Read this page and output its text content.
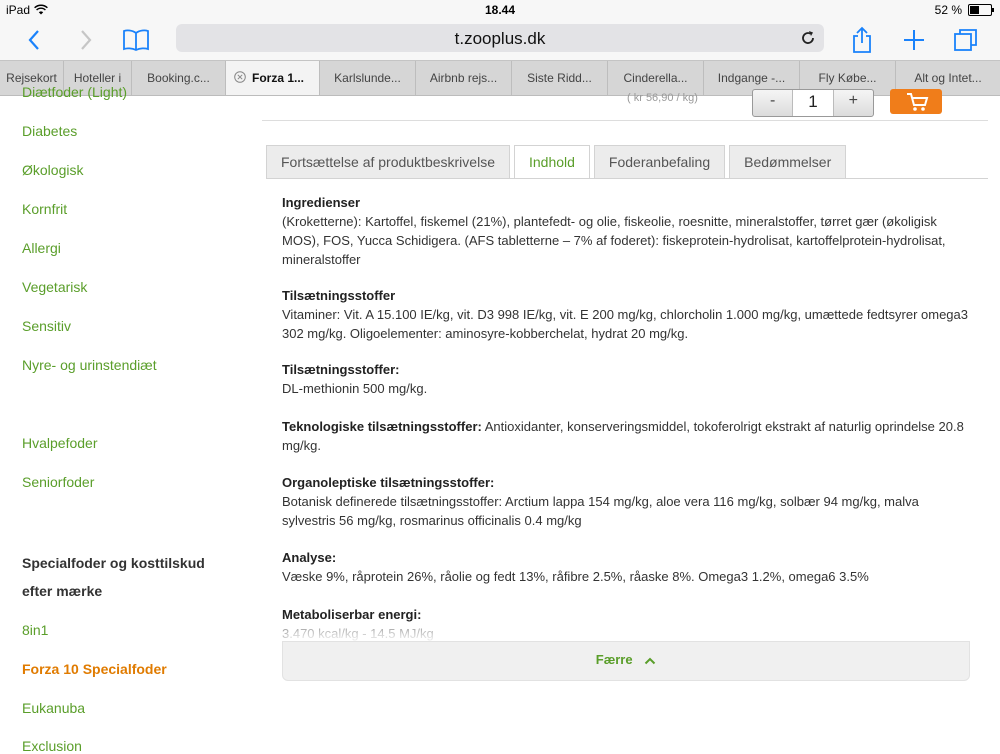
iPad	18.44	52 %
t.zooplus.dk
Rejsekort Hoteller i Booking.c...	Forza 1...	Karlslunde... Airbnb rejs... Siste Ridd...	Cinderella...	Indgange -...	Fly Købe...	Alt og Intet...
Diætfoder (Light)
Diabetes
Økologisk
Kornfrit
Allergi
Vegetarisk
Sensitiv
Nyre- og urinstendiæt
Hvalpefoder
Seniorfoder
Specialfoder og kosttilskud
efter mærke
8in1
Forza 10 Specialfoder
Eukanuba
Exclusion
( kr 56,90 / kg)	-	1	+
Fortsættelse af produktbeskrivelse	Indhold	Foderanbefaling	Bedømmelser
Ingredienser

(Kroketterne): Kartoffel, fiskemel (21%), plantefedt- og olie, fiskeolie, roesnitte, mineralstoffer, tørret gær (økoligisk MOS), FOS, Yucca Schidigera. (AFS tabletterne – 7% af foderet): fiskeprotein-hydrolisat, kartoffelprotein-hydrolisat, mineralstoffer

Tilsætningsstoffer

Vitaminer: Vit. A 15.100 IE/kg, vit. D3 998 IE/kg, vit. E 200 mg/kg, chlorcholin 1.000 mg/kg, umættede fedtsyrer omega3 302 mg/kg. Oligoelementer: aminosyre-kobberchelat, hydrat 20 mg/kg.

Tilsætningsstoffer:

DL-methionin 500 mg/kg.

Teknologiske tilsætningsstoffer: Antioxidanter, konserveringsmiddel, tokoferolrigt ekstrakt af naturlig oprindelse 20.8 mg/kg.

Organoleptiske tilsætningsstoffer:

Botanisk definerede tilsætningsstoffer: Arctium lappa 154 mg/kg, aloe vera 116 mg/kg, solbær 94 mg/kg, malva sylvestris 56 mg/kg, rosmarinus officinalis 0.4 mg/kg

Analyse:

Væske 9%, råprotein 26%, råolie og fedt 13%, råfibre 2.5%, råaske 8%. Omega3 1.2%, omega6 3.5%

Metaboliserbar energi:

3.470 kcal/kg - 14.5 MJ/kg

Færre
